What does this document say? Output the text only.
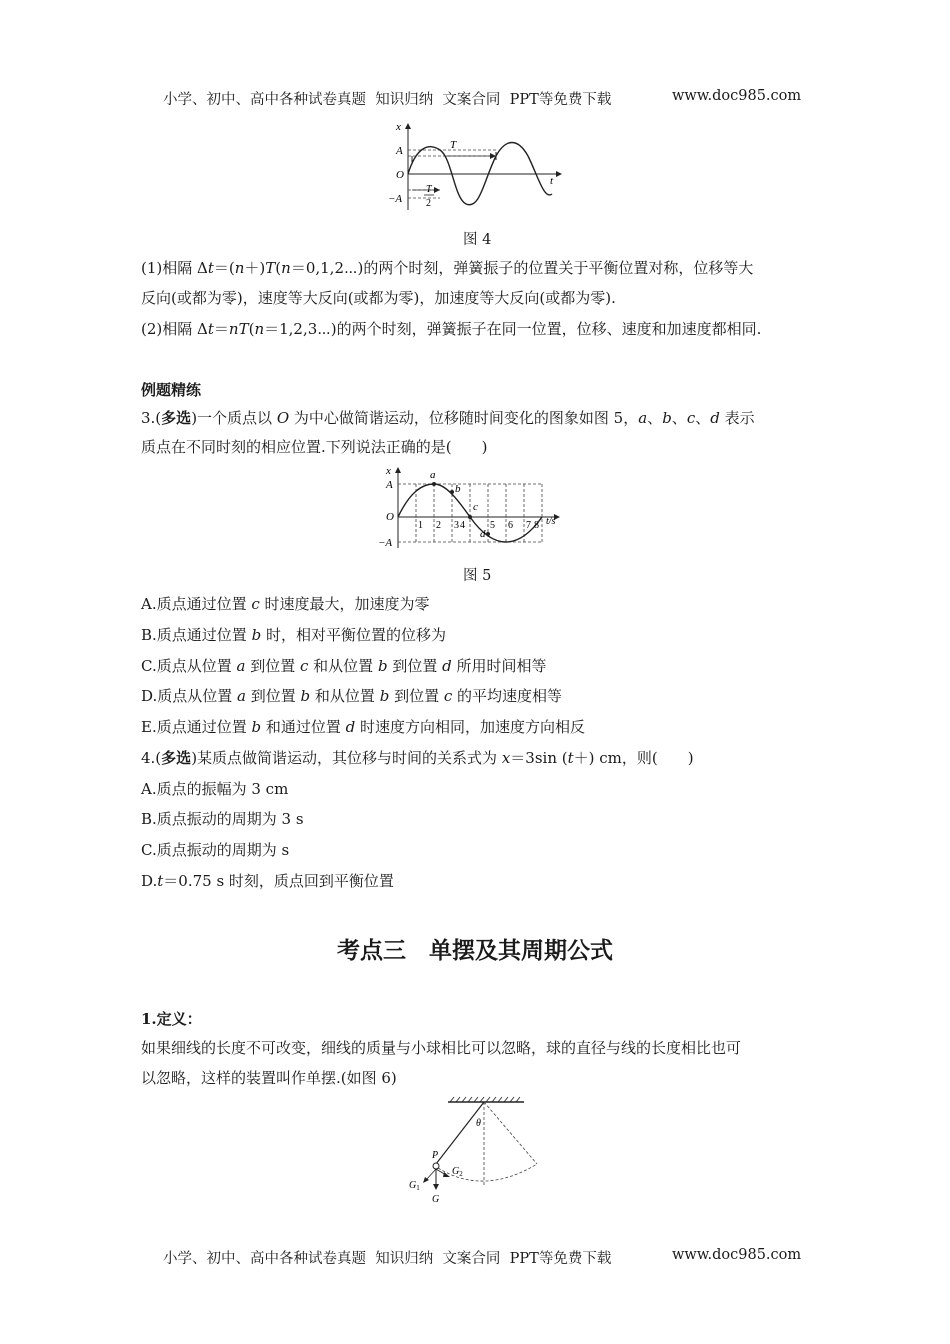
小学、初中、高中各种试卷真题  知识归纳  文案合同  PPT等免费下载	www.doc985.com
x
A
O
−A
t
T
T
2
图 4
(1)相隔 Δt＝(n＋)T(n＝0,1,2⋯)的两个时刻，弹簧振子的位置关于平衡位置对称，位移等大
反向(或都为零)，速度等大反向(或都为零)，加速度等大反向(或都为零).
(2)相隔 Δt＝nT(n＝1,2,3⋯)的两个时刻，弹簧振子在同一位置，位移、速度和加速度都相同.
例题精练
3.(多选)一个质点以 O 为中心做简谐运动，位移随时间变化的图象如图 5，a、b、c、d 表示
质点在不同时刻的相应位置.下列说法正确的是(　　)
x
A
O
−A
t/s
a
b
c
d
1 2 3 4	5 6 7 8
图 5
A.质点通过位置 c 时速度最大，加速度为零
B.质点通过位置 b 时，相对平衡位置的位移为
C.质点从位置 a 到位置 c 和从位置 b 到位置 d 所用时间相等
D.质点从位置 a 到位置 b 和从位置 b 到位置 c 的平均速度相等
E.质点通过位置 b 和通过位置 d 时速度方向相同，加速度方向相反
4.(多选)某质点做简谐运动，其位移与时间的关系式为 x＝3sin (t＋) cm，则(　　)
A.质点的振幅为 3 cm
B.质点振动的周期为 3 s
C.质点振动的周期为 s
D.t＝0.75 s 时刻，质点回到平衡位置
考点三　单摆及其周期公式
1.定义：
如果细线的长度不可改变，细线的质量与小球相比可以忽略，球的直径与线的长度相比也可
以忽略，这样的装置叫作单摆.(如图 6)
θ
P
G
$G_1$
$G_2$
小学、初中、高中各种试卷真题  知识归纳  文案合同  PPT等免费下载	www.doc985.com
